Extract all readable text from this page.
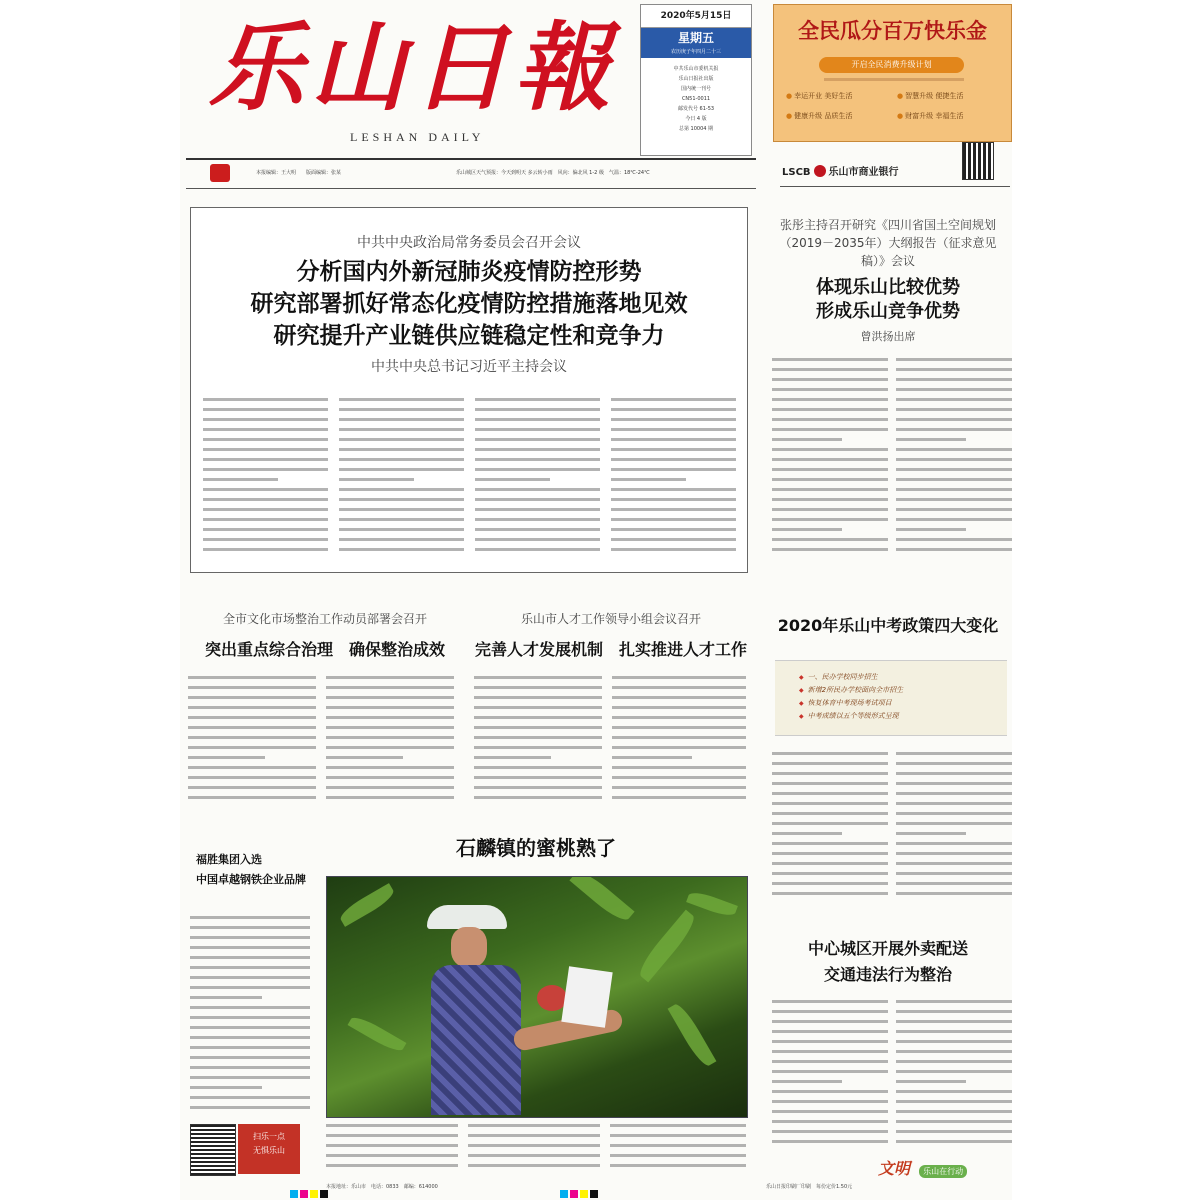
乐山日報
LESHAN DAILY
2020年5月15日
星期五
农历庚子年四月二十三
中共乐山市委机关报
乐山日报社出版
国内统一刊号
CN51-0011
邮发代号 61-53
今日 4 版
总第 10004 期
全民瓜分百万快乐金
开启全民消费升级计划
● 幸运开业 美好生活	● 智慧升级 便捷生活
● 健康升级 品质生活	● 财富升级 幸福生活
本报编辑：王大明　　版面编辑：张某	乐山城区天气预报：今天到明天 多云转小雨　风向：偏北风 1-2 级　气温：18℃-24℃	LSCB 乐山市商业银行
中共中央政治局常务委员会召开会议
分析国内外新冠肺炎疫情防控形势
研究部署抓好常态化疫情防控措施落地见效
研究提升产业链供应链稳定性和竞争力
中共中央总书记习近平主持会议
张彤主持召开研究《四川省国土空间规划（2019－2035年）大纲报告（征求意见稿）》会议
体现乐山比较优势
形成乐山竞争优势
曾洪扬出席
全市文化市场整治工作动员部署会召开
突出重点综合治理　确保整治成效
乐山市人才工作领导小组会议召开
完善人才发展机制　扎实推进人才工作
2020年乐山中考政策四大变化
◆ 一、民办学校同步招生
◆ 新增2所民办学校面向全市招生
◆ 恢复体育中考现场考试项目
◆ 中考成绩以五个等级形式呈现
石麟镇的蜜桃熟了
福胜集团入选
中国卓越钢铁企业品牌
中心城区开展外卖配送
交通违法行为整治
扫乐一点
无惧乐山
文明 乐山在行动
本报地址：乐山市　电话：0833　邮编：614000	乐山日报印刷厂印刷　每份定价1.50元
